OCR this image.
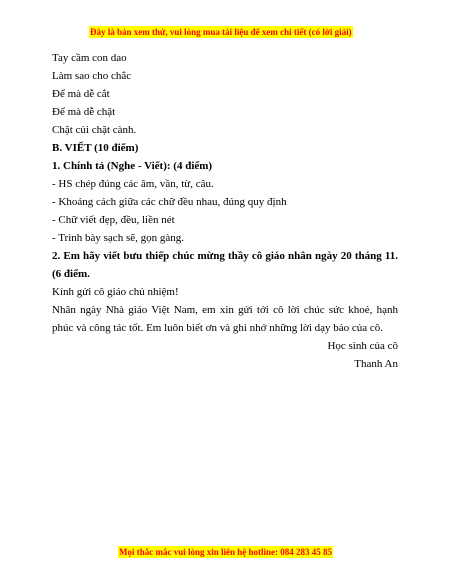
Đây là bản xem thử, vui lòng mua tài liệu để xem chi tiết (có lời giải)
Tay cầm con dao
Làm sao cho chắc
Để mà dễ cắt
Để mà dễ chặt
Chặt củi chặt cành.
B. VIẾT (10 điểm)
1. Chính tả (Nghe - Viết): (4 điểm)
- HS chép đúng các âm, vần, từ, câu.
- Khoảng cách giữa các chữ đều nhau, đúng quy định
- Chữ viết đẹp, đều, liền nét
- Trình bày sạch sẽ, gọn gàng.
2. Em hãy viết bưu thiếp chúc mừng thầy cô giáo nhân ngày 20 tháng 11. (6 điểm.
Kính gửi cô giáo chủ nhiệm!
Nhân ngày Nhà giáo Việt Nam, em xin gửi tới cô lời chúc sức khoẻ, hạnh phúc và công tác tốt. Em luôn biết ơn và ghi nhớ những lời dạy bảo của cô.
Học sinh của cô
Thanh An
Mọi thắc mắc vui lòng xin liên hệ hotline: 084 283 45 85
